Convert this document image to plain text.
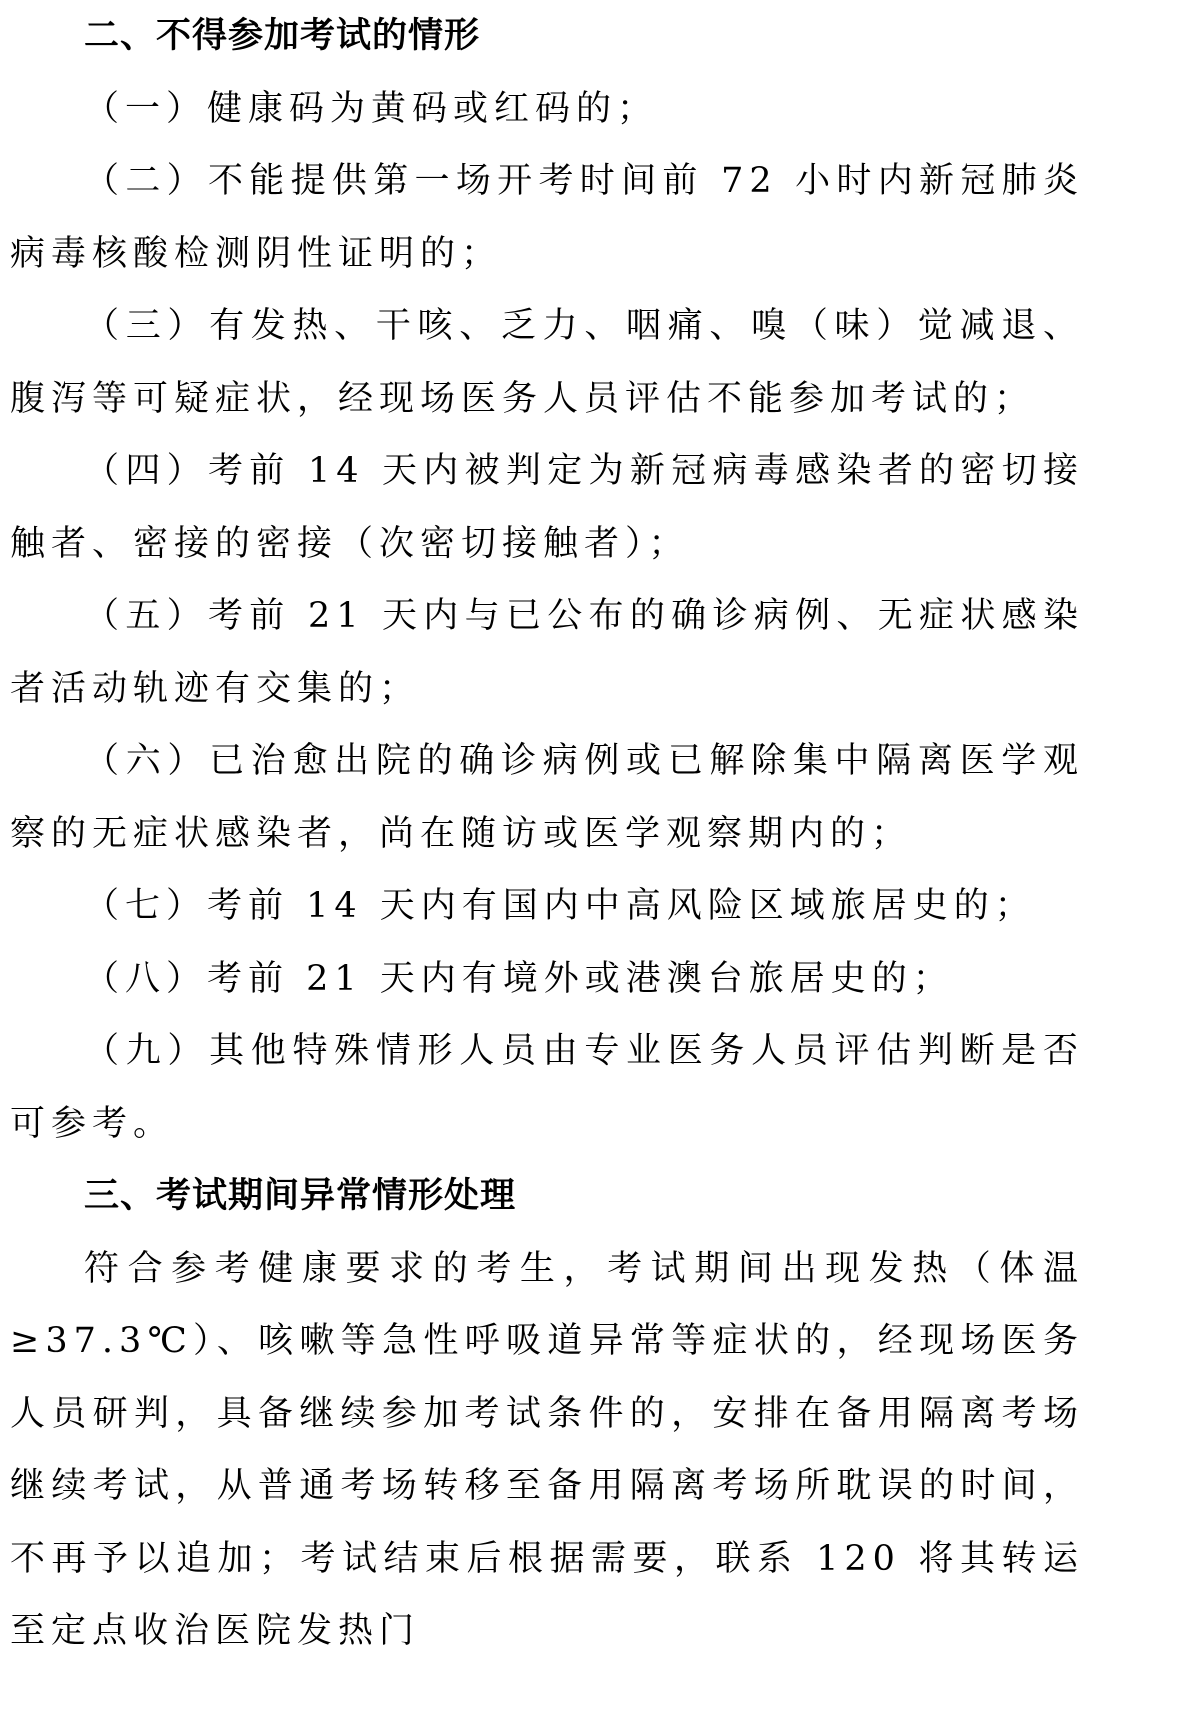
二、不得参加考试的情形

（一）健康码为黄码或红码的；

（二）不能提供第一场开考时间前 72 小时内新冠肺炎病毒核酸检测阴性证明的；

（三）有发热、干咳、乏力、咽痛、嗅（味）觉减退、腹泻等可疑症状，经现场医务人员评估不能参加考试的；

（四）考前 14 天内被判定为新冠病毒感染者的密切接触者、密接的密接（次密切接触者）；

（五）考前 21 天内与已公布的确诊病例、无症状感染者活动轨迹有交集的；

（六）已治愈出院的确诊病例或已解除集中隔离医学观察的无症状感染者，尚在随访或医学观察期内的；

（七）考前 14 天内有国内中高风险区域旅居史的；

（八）考前 21 天内有境外或港澳台旅居史的；

（九）其他特殊情形人员由专业医务人员评估判断是否可参考。

三、考试期间异常情形处理

符合参考健康要求的考生，考试期间出现发热（体温≥37.3℃）、咳嗽等急性呼吸道异常等症状的，经现场医务人员研判，具备继续参加考试条件的，安排在备用隔离考场继续考试，从普通考场转移至备用隔离考场所耽误的时间，不再予以追加；考试结束后根据需要，联系 120 将其转运至定点收治医院发热门
